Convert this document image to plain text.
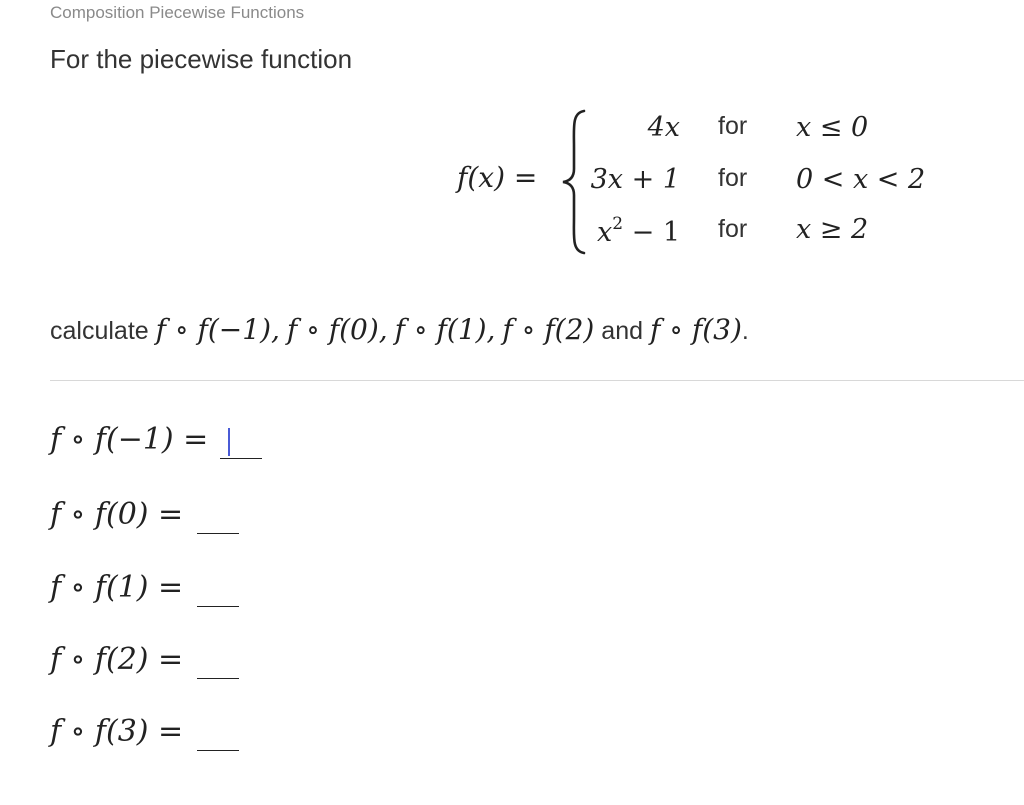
Composition Piecewise Functions
For the piecewise function
f(x) =
4x for x ≤ 0
3x + 1 for 0 < x < 2
$x^2 - 1$ for x ≥ 2
calculate f ∘ f(−1), f ∘ f(0), f ∘ f(1), f ∘ f(2) and f ∘ f(3).
f ∘ f(−1) =
f ∘ f(0) =
f ∘ f(1) =
f ∘ f(2) =
f ∘ f(3) =
